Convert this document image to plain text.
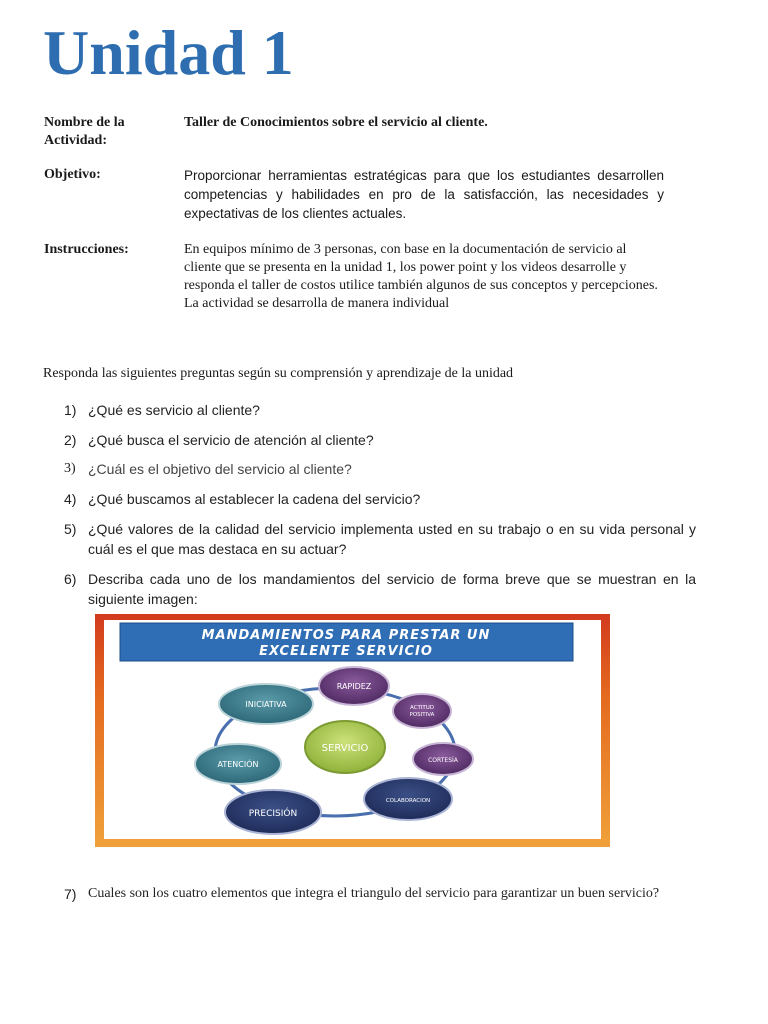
Unidad 1
Nombre de la Actividad:
Taller de Conocimientos sobre el servicio al cliente.
Objetivo:	Proporcionar herramientas estratégicas para que los estudiantes desarrollen competencias y habilidades en pro de la satisfacción, las necesidades y expectativas de los clientes actuales.
Instrucciones:	En equipos mínimo de 3 personas, con base en la documentación de servicio al cliente que se presenta en la unidad 1, los power point y los videos desarrolle y responda el taller de costos utilice también algunos de sus conceptos y percepciones.
La actividad se desarrolla de manera individual
Responda las siguientes preguntas según su comprensión y aprendizaje de la unidad
1) ¿Qué es servicio al cliente?
2) ¿Qué busca el servicio de atención al cliente?
3) ¿Cuál es el objetivo del servicio al cliente?
4) ¿Qué buscamos al establecer la cadena del servicio?
5) ¿Qué valores de la calidad del servicio implementa usted en su trabajo o en su vida personal y cuál es el que mas destaca en su actuar?
6) Describa cada uno de los mandamientos del servicio de forma breve que se muestran en la siguiente imagen:
MANDAMIENTOS PARA PRESTAR UN
EXCELENTE SERVICIO
SERVICIO
RAPIDEZ
ACTITUD
POSITIVA
CORTESÍA
COLABORACION
PRECISIÓN
ATENCIÓN
INICIATIVA
7) Cuales son los cuatro elementos que integra el triangulo del servicio para garantizar un buen servicio?
